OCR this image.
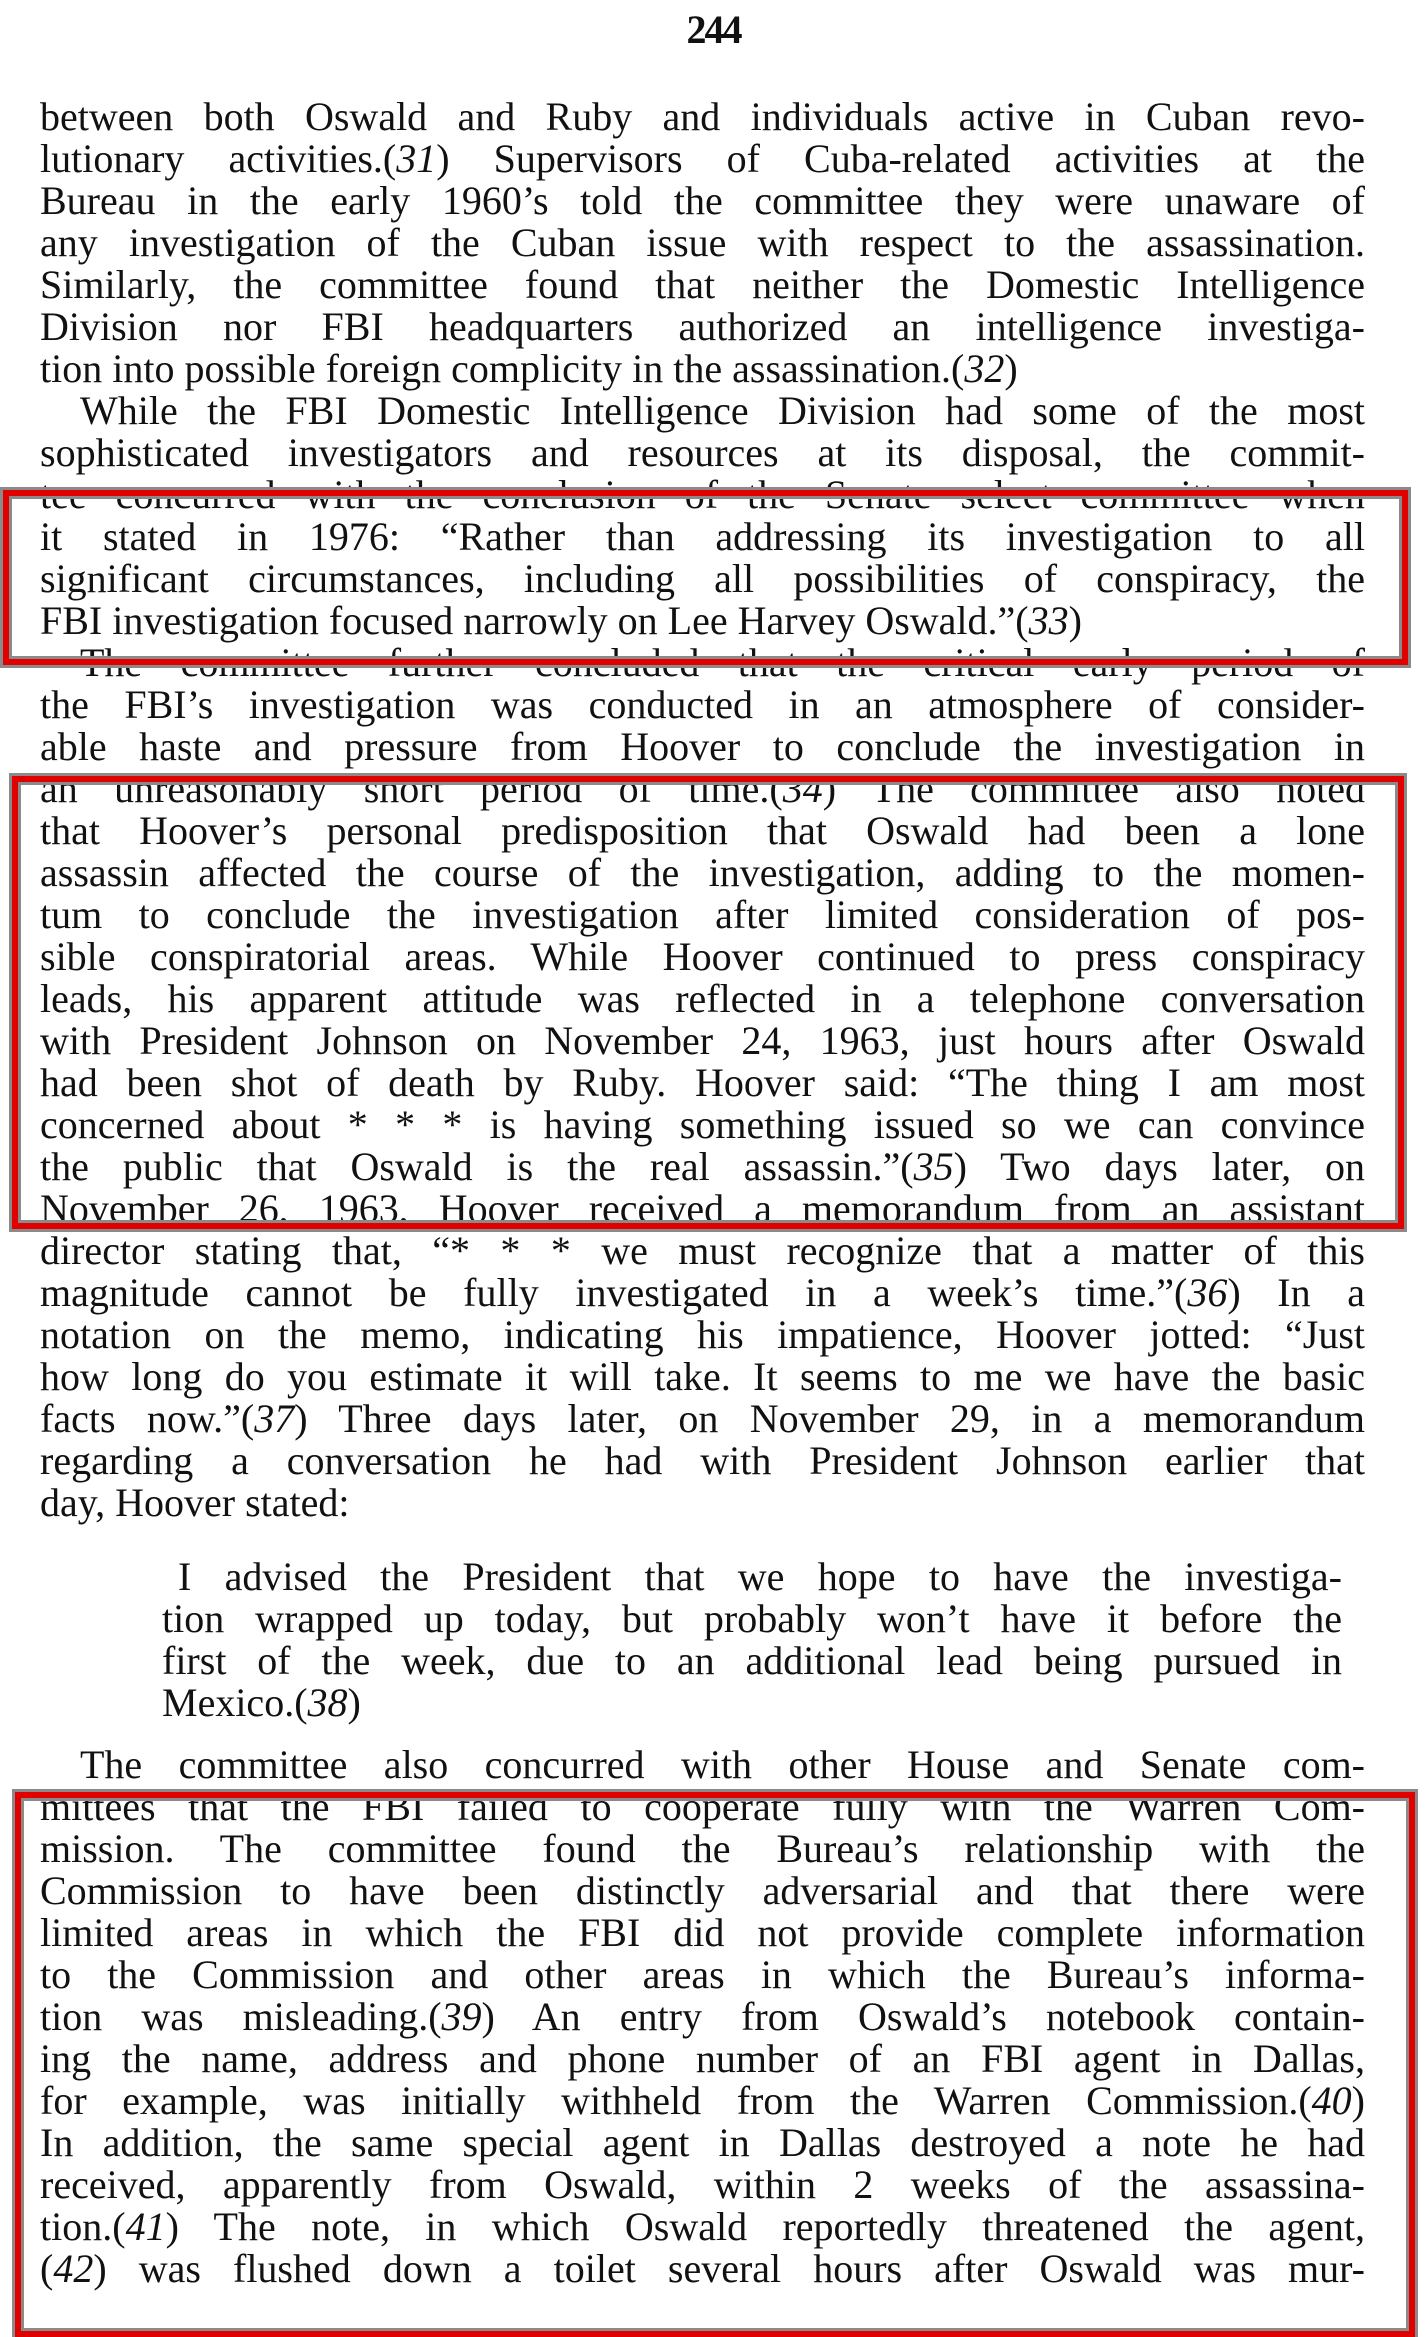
244
between both Oswald and Ruby and individuals active in Cuban revo-
lutionary activities.(31) Supervisors of Cuba-related activities at the
Bureau in the early 1960’s told the committee they were unaware of
any investigation of the Cuban issue with respect to the assassination.
Similarly, the committee found that neither the Domestic Intelligence
Division nor FBI headquarters authorized an intelligence investiga-
tion into possible foreign complicity in the assassination.(32)
While the FBI Domestic Intelligence Division had some of the most
sophisticated investigators and resources at its disposal, the commit-
tee concurred with the conclusion of the Senate select committee when
it stated in 1976: “Rather than addressing its investigation to all
significant circumstances, including all possibilities of conspiracy, the
FBI investigation focused narrowly on Lee Harvey Oswald.”(33)
The committee further concluded that the critical early period of
the FBI’s investigation was conducted in an atmosphere of consider-
able haste and pressure from Hoover to conclude the investigation in
an unreasonably short period of time.(34) The committee also noted
that Hoover’s personal predisposition that Oswald had been a lone
assassin affected the course of the investigation, adding to the momen-
tum to conclude the investigation after limited consideration of pos-
sible conspiratorial areas. While Hoover continued to press conspiracy
leads, his apparent attitude was reflected in a telephone conversation
with President Johnson on November 24, 1963, just hours after Oswald
had been shot of death by Ruby. Hoover said: “The thing I am most
concerned about * * * is having something issued so we can convince
the public that Oswald is the real assassin.”(35) Two days later, on
November 26, 1963, Hoover received a memorandum from an assistant
director stating that, “* * * we must recognize that a matter of this
magnitude cannot be fully investigated in a week’s time.”(36) In a
notation on the memo, indicating his impatience, Hoover jotted: “Just
how long do you estimate it will take. It seems to me we have the basic
facts now.”(37) Three days later, on November 29, in a memorandum
regarding a conversation he had with President Johnson earlier that
day, Hoover stated:
I advised the President that we hope to have the investiga-
tion wrapped up today, but probably won’t have it before the
first of the week, due to an additional lead being pursued in
Mexico.(38)
The committee also concurred with other House and Senate com-
mittees that the FBI failed to cooperate fully with the Warren Com-
mission. The committee found the Bureau’s relationship with the
Commission to have been distinctly adversarial and that there were
limited areas in which the FBI did not provide complete information
to the Commission and other areas in which the Bureau’s informa-
tion was misleading.(39) An entry from Oswald’s notebook contain-
ing the name, address and phone number of an FBI agent in Dallas,
for example, was initially withheld from the Warren Commission.(40)
In addition, the same special agent in Dallas destroyed a note he had
received, apparently from Oswald, within 2 weeks of the assassina-
tion.(41) The note, in which Oswald reportedly threatened the agent,
(42) was flushed down a toilet several hours after Oswald was mur-
